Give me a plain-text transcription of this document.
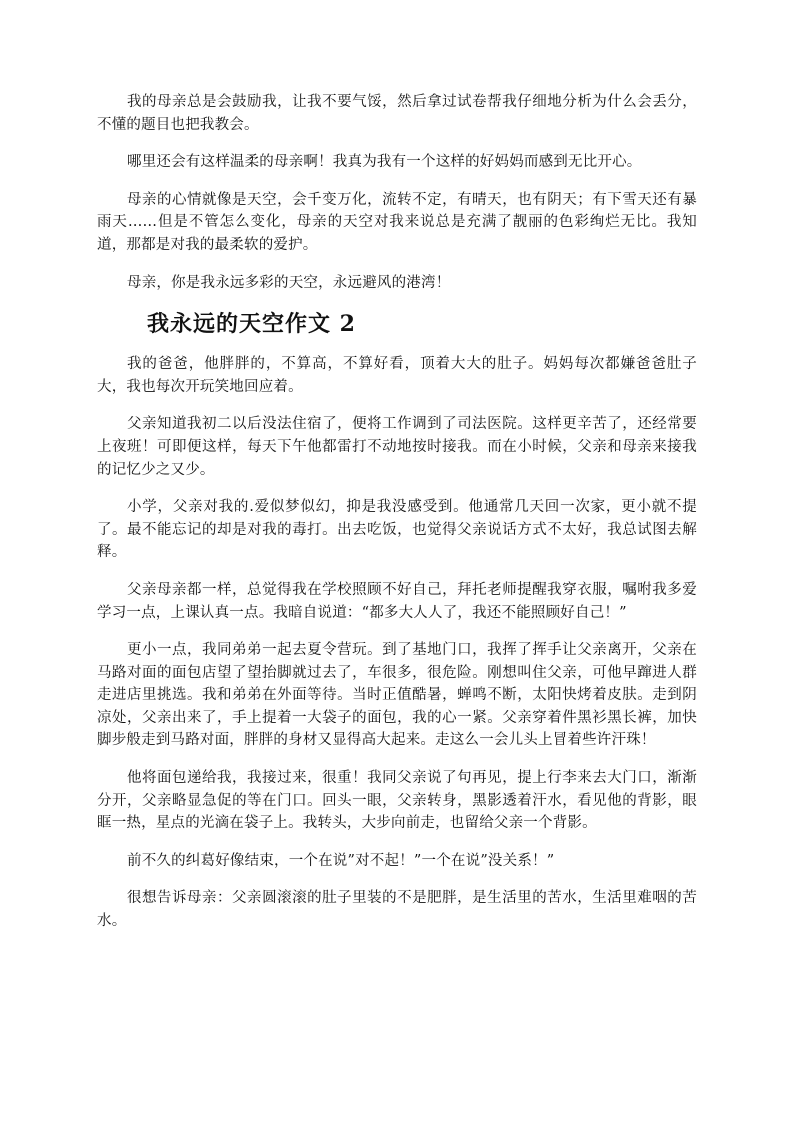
我的母亲总是会鼓励我，让我不要气馁，然后拿过试卷帮我仔细地分析为什么会丢分，不懂的题目也把我教会。

哪里还会有这样温柔的母亲啊！我真为我有一个这样的好妈妈而感到无比开心。

母亲的心情就像是天空，会千变万化，流转不定，有晴天，也有阴天；有下雪天还有暴雨天……但是不管怎么变化，母亲的天空对我来说总是充满了靓丽的色彩绚烂无比。我知道，那都是对我的最柔软的爱护。

母亲，你是我永远多彩的天空，永远避风的港湾！

我永远的天空作文 2

我的爸爸，他胖胖的，不算高，不算好看，顶着大大的肚子。妈妈每次都嫌爸爸肚子大，我也每次开玩笑地回应着。

父亲知道我初二以后没法住宿了，便将工作调到了司法医院。这样更辛苦了，还经常要上夜班！可即便这样，每天下午他都雷打不动地按时接我。而在小时候，父亲和母亲来接我的记忆少之又少。

小学，父亲对我的.爱似梦似幻，抑是我没感受到。他通常几天回一次家，更小就不提了。最不能忘记的却是对我的毒打。出去吃饭，也觉得父亲说话方式不太好，我总试图去解释。

父亲母亲都一样，总觉得我在学校照顾不好自己，拜托老师提醒我穿衣服，嘱咐我多爱学习一点，上课认真一点。我暗自说道：“都多大人人了，我还不能照顾好自己！”

更小一点，我同弟弟一起去夏令营玩。到了基地门口，我挥了挥手让父亲离开，父亲在马路对面的面包店望了望抬脚就过去了，车很多，很危险。刚想叫住父亲，可他早蹿进人群走进店里挑选。我和弟弟在外面等待。当时正值酷暑，蝉鸣不断，太阳快烤着皮肤。走到阴凉处，父亲出来了，手上提着一大袋子的面包，我的心一紧。父亲穿着件黑衫黑长裤，加快脚步般走到马路对面，胖胖的身材又显得高大起来。走这么一会儿头上冒着些许汗珠！

他将面包递给我，我接过来，很重！我同父亲说了句再见，提上行李来去大门口，渐渐分开，父亲略显急促的等在门口。回头一眼，父亲转身，黑影透着汗水，看见他的背影，眼眶一热，星点的光滴在袋子上。我转头，大步向前走，也留给父亲一个背影。

前不久的纠葛好像结束，一个在说”对不起！”一个在说”没关系！”

很想告诉母亲：父亲圆滚滚的肚子里装的不是肥胖，是生活里的苦水，生活里难咽的苦水。
